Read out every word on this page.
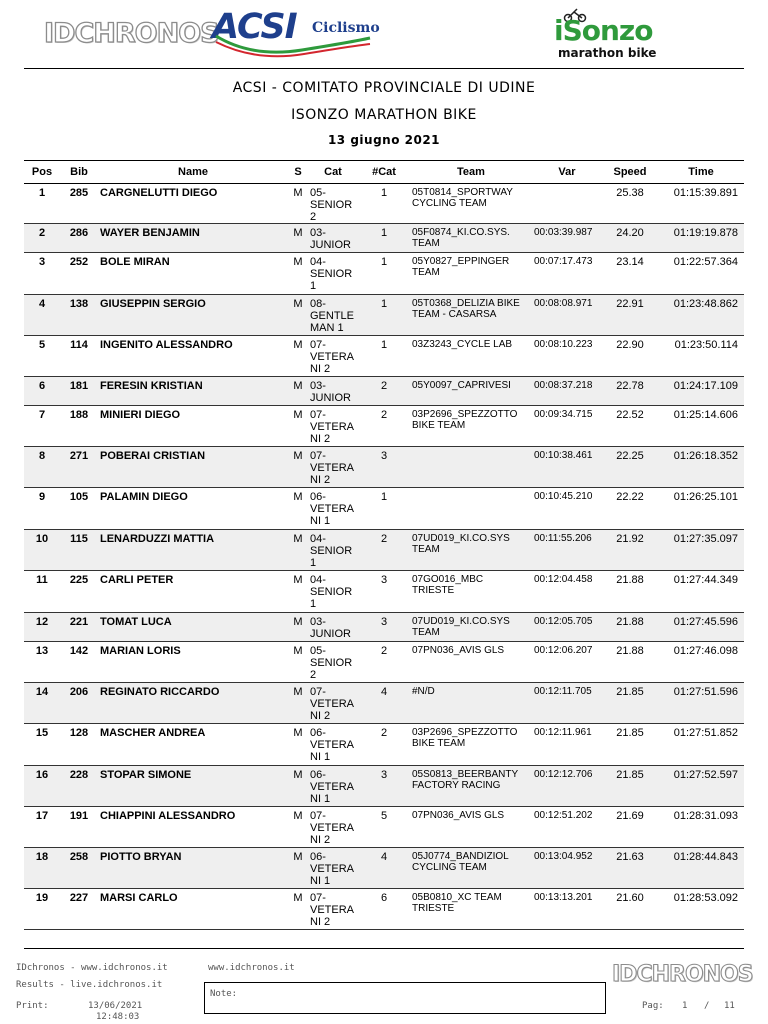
IDCHRONOS
ACSI Ciclismo	iSonzo
marathon bike
ACSI - COMITATO PROVINCIALE DI UDINE
ISONZO MARATHON BIKE
13 giugno 2021
Pos	Bib	Name	S	Cat	#Cat	Team	Var	Speed	Time
1	285	CARGNELUTTI DIEGO	M	05-
SENIOR
2	1	05T0814_SPORTWAY
CYCLING TEAM		25.38	01:15:39.891
2	286	WAYER BENJAMIN	M	03-
JUNIOR	1	05F0874_KI.CO.SYS.
TEAM	00:03:39.987	24.20	01:19:19.878
3	252	BOLE MIRAN	M	04-
SENIOR
1	1	05Y0827_EPPINGER
TEAM	00:07:17.473	23.14	01:22:57.364
4	138	GIUSEPPIN SERGIO	M	08-
GENTLE
MAN 1	1	05T0368_DELIZIA BIKE
TEAM - CASARSA	00:08:08.971	22.91	01:23:48.862
5	114	INGENITO ALESSANDRO	M	07-
VETERA
NI 2	1	03Z3243_CYCLE LAB	00:08:10.223	22.90	01:23:50.114
6	181	FERESIN KRISTIAN	M	03-
JUNIOR	2	05Y0097_CAPRIVESI	00:08:37.218	22.78	01:24:17.109
7	188	MINIERI DIEGO	M	07-
VETERA
NI 2	2	03P2696_SPEZZOTTO
BIKE TEAM	00:09:34.715	22.52	01:25:14.606
8	271	POBERAI CRISTIAN	M	07-
VETERA
NI 2	3		00:10:38.461	22.25	01:26:18.352
9	105	PALAMIN DIEGO	M	06-
VETERA
NI 1	1		00:10:45.210	22.22	01:26:25.101
10	115	LENARDUZZI MATTIA	M	04-
SENIOR
1	2	07UD019_KI.CO.SYS
TEAM	00:11:55.206	21.92	01:27:35.097
11	225	CARLI PETER	M	04-
SENIOR
1	3	07GO016_MBC
TRIESTE	00:12:04.458	21.88	01:27:44.349
12	221	TOMAT LUCA	M	03-
JUNIOR	3	07UD019_KI.CO.SYS
TEAM	00:12:05.705	21.88	01:27:45.596
13	142	MARIAN LORIS	M	05-
SENIOR
2	2	07PN036_AVIS GLS	00:12:06.207	21.88	01:27:46.098
14	206	REGINATO RICCARDO	M	07-
VETERA
NI 2	4	#N/D	00:12:11.705	21.85	01:27:51.596
15	128	MASCHER ANDREA	M	06-
VETERA
NI 1	2	03P2696_SPEZZOTTO
BIKE TEAM	00:12:11.961	21.85	01:27:51.852
16	228	STOPAR SIMONE	M	06-
VETERA
NI 1	3	05S0813_BEERBANTY
FACTORY RACING	00:12:12.706	21.85	01:27:52.597
17	191	CHIAPPINI ALESSANDRO	M	07-
VETERA
NI 2	5	07PN036_AVIS GLS	00:12:51.202	21.69	01:28:31.093
18	258	PIOTTO BRYAN	M	06-
VETERA
NI 1	4	05J0774_BANDIZIOL
CYCLING TEAM	00:13:04.952	21.63	01:28:44.843
19	227	MARSI CARLO	M	07-
VETERA
NI 2	6	05B0810_XC TEAM
TRIESTE	00:13:13.201	21.60	01:28:53.092
IDchronos - www.idchronos.it	www.idchronos.it
Results - live.idchronos.it
Print:	13/06/2021
12:48:03
Note:
IDCHRONOS
Pag: 1 / 11
